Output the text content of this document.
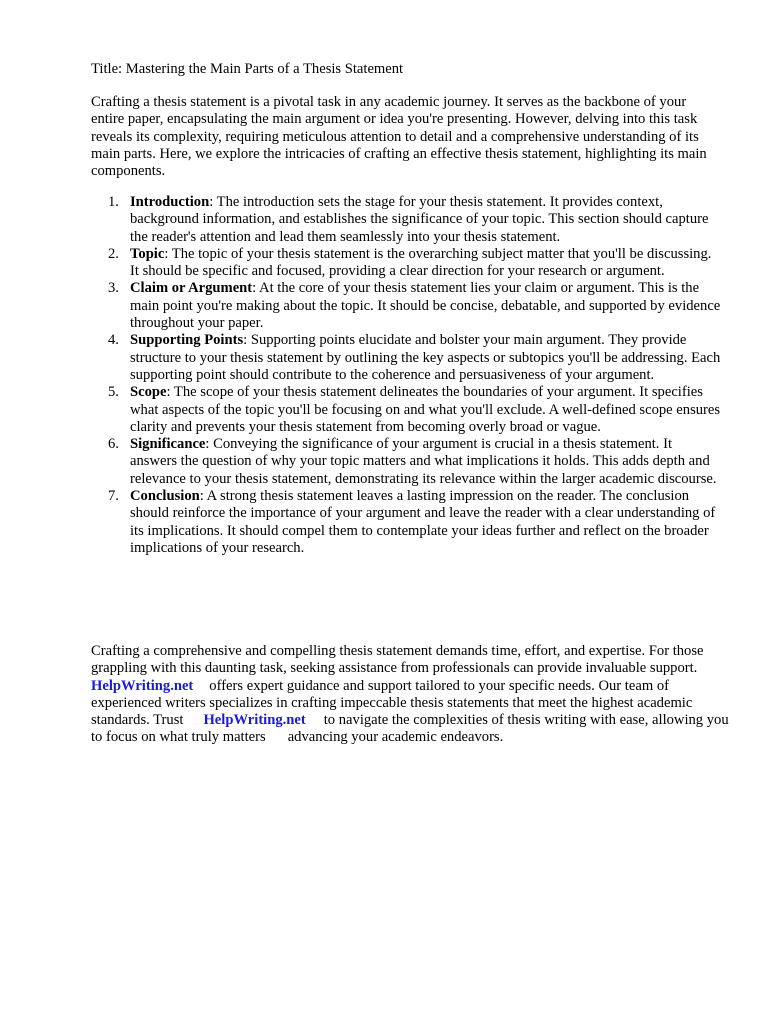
Title: Mastering the Main Parts of a Thesis Statement

Crafting a thesis statement is a pivotal task in any academic journey. It serves as the backbone of your entire paper, encapsulating the main argument or idea you're presenting. However, delving into this task reveals its complexity, requiring meticulous attention to detail and a comprehensive understanding of its main parts. Here, we explore the intricacies of crafting an effective thesis statement, highlighting its main components.

1. Introduction: The introduction sets the stage for your thesis statement. It provides context, background information, and establishes the significance of your topic. This section should capture the reader's attention and lead them seamlessly into your thesis statement.
2. Topic: The topic of your thesis statement is the overarching subject matter that you'll be discussing. It should be specific and focused, providing a clear direction for your research or argument.
3. Claim or Argument: At the core of your thesis statement lies your claim or argument. This is the main point you're making about the topic. It should be concise, debatable, and supported by evidence throughout your paper.
4. Supporting Points: Supporting points elucidate and bolster your main argument. They provide structure to your thesis statement by outlining the key aspects or subtopics you'll be addressing. Each supporting point should contribute to the coherence and persuasiveness of your argument.
5. Scope: The scope of your thesis statement delineates the boundaries of your argument. It specifies what aspects of the topic you'll be focusing on and what you'll exclude. A well-defined scope ensures clarity and prevents your thesis statement from becoming overly broad or vague.
6. Significance: Conveying the significance of your argument is crucial in a thesis statement. It answers the question of why your topic matters and what implications it holds. This adds depth and relevance to your thesis statement, demonstrating its relevance within the larger academic discourse.
7. Conclusion: A strong thesis statement leaves a lasting impression on the reader. The conclusion should reinforce the importance of your argument and leave the reader with a clear understanding of its implications. It should compel them to contemplate your ideas further and reflect on the broader implications of your research.

Crafting a comprehensive and compelling thesis statement demands time, effort, and expertise. For those grappling with this daunting task, seeking assistance from professionals can provide invaluable support.HelpWriting.net offers expert guidance and support tailored to your specific needs. Our team of experienced writers specializes in crafting impeccable thesis statements that meet the highest academic standards. Trust HelpWriting.net to navigate the complexities of thesis writing with ease, allowing you to focus on what truly matters advancing your academic endeavors.
